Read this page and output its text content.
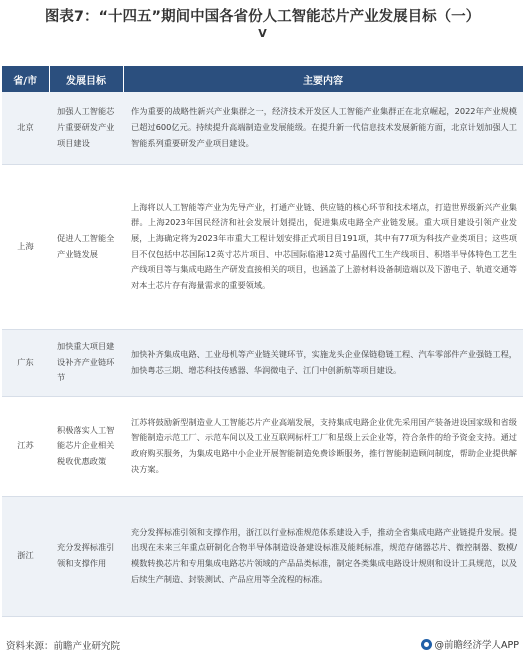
图表7：“十四五”期间中国各省份人工智能芯片产业发展目标（一）
V
省/市	发展目标	主要内容
北京	加强人工智能芯片重要研发产业项目建设	作为重要的战略性新兴产业集群之一，经济技术开发区人工智能产业集群正在北京崛起，2022年产业规模已超过600亿元。持续提升高端制造业发展能级。在提升新一代信息技术发展新能方面，北京计划加强人工智能系列重要研发产业项目建设。
上海	促进人工智能全产业链发展	上海将以人工智能等产业为先导产业，打通产业链、供应链的核心环节和技术堵点，打造世界级新兴产业集群。上海2023年国民经济和社会发展计划提出，促进集成电路全产业链发展。重大项目建设引领产业发展，上海确定将为2023年市重大工程计划安排正式项目目191项，其中有77项为科技产业类项目；这些项目不仅包括中芯国际12英寸芯片项目、中芯国际临港12英寸晶圆代工生产线项目、积塔半导体特色工艺生产线项目等与集成电路生产研发直接相关的项目，也涵盖了上游材料设备制造端以及下游电子、轨道交通等对本土芯片存有海量需求的重要领域。
广东	加快重大项目建设补齐产业链环节	加快补齐集成电路、工业母机等产业链关键环节，实施龙头企业保链稳链工程、汽车零部件产业强链工程，加快粤芯三期、增芯科技传感器、华润微电子、江门中创新航等项目建设。
江苏	积极落实人工智能芯片企业相关税收优惠政策	江苏将鼓励新型制造业人工智能芯片产业高端发展，支持集成电路企业优先采用国产装备进设国家级和省级智能制造示范工厂、示范车间以及工业互联网标杆工厂和星级上云企业等，符合条件的给予资金支持。通过政府购买服务，为集成电路中小企业开展智能制造免费诊断服务，推行智能制造顾问制度，帮助企业提供解决方案。
浙江	充分发挥标准引领和支撑作用	充分发挥标准引领和支撑作用，浙江以行业标准规范体系建设入手，推动全省集成电路产业链提升发展。提出现在未来三年重点研制化合物半导体制造设备建设标准及能耗标准，规范存储器芯片、微控制器、数模/模数转换芯片和专用集成电路芯片领域的产品品类标准，制定各类集成电路设计规则和设计工具规范，以及后续生产制造、封装测试、产品应用等全流程的标准。
资料来源：前瞻产业研究院	@前瞻经济学人APP
